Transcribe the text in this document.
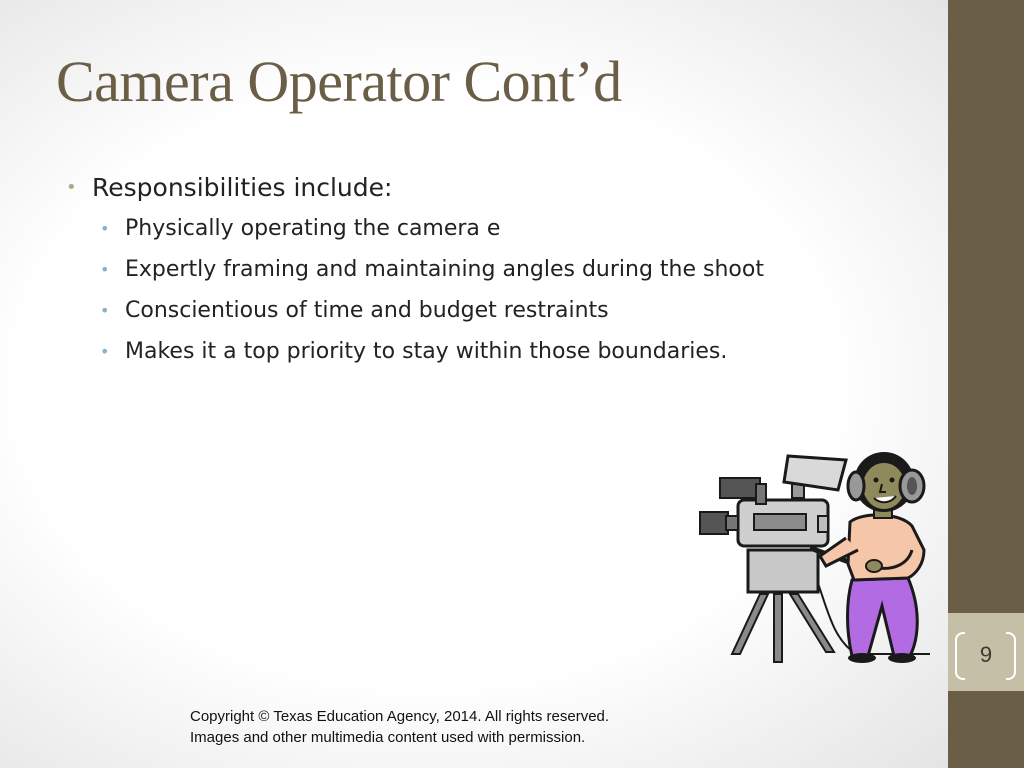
Camera Operator Cont’d
• Responsibilities include:
• Physically operating the camera e
• Expertly framing and maintaining angles during the shoot
• Conscientious of time and budget restraints
• Makes it a top priority to stay within those boundaries.
Copyright © Texas Education Agency, 2014. All rights reserved.
Images and other multimedia content used with permission.
9
